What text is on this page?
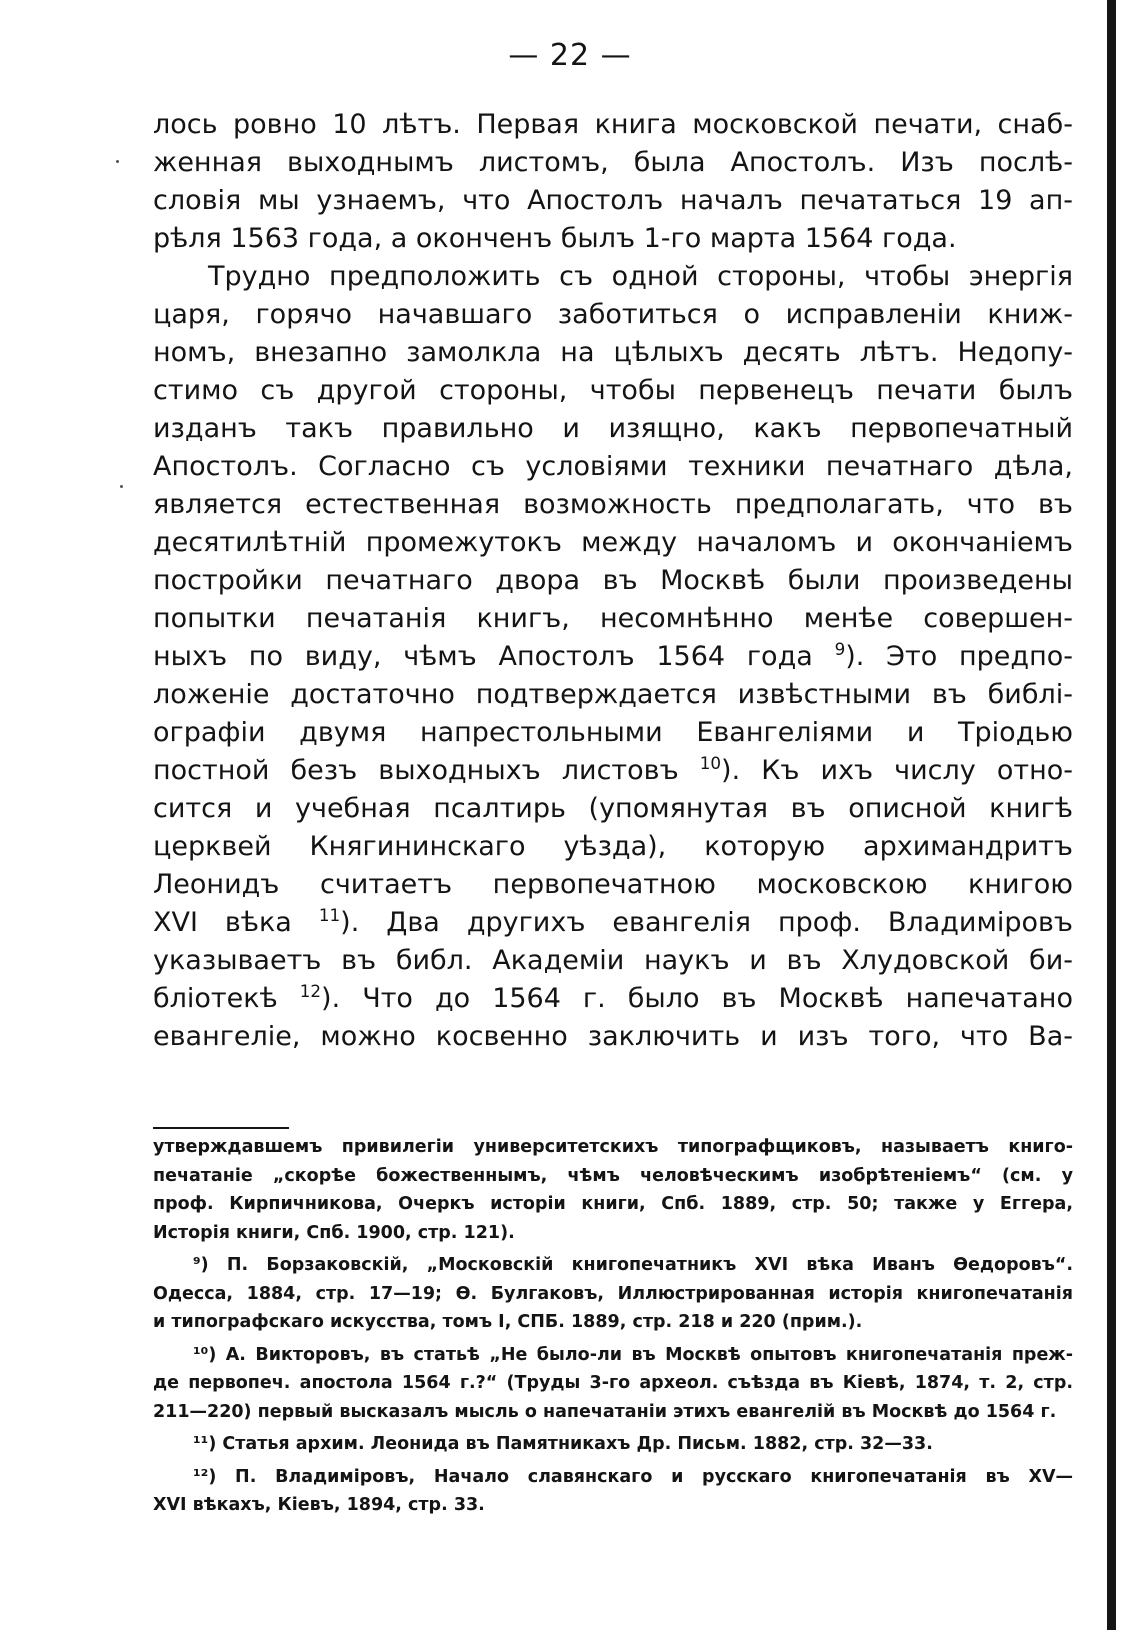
— 22 —
лось ровно 10 лѣтъ. Первая книга московской печати, снаб-
женная выходнымъ листомъ, была Апостолъ. Изъ послѣ-
словія мы узнаемъ, что Апостолъ началъ печататься 19 ап-
рѣля 1563 года, а оконченъ былъ 1-го марта 1564 года.
Трудно предположить съ одной стороны, чтобы энергія
царя, горячо начавшаго заботиться о исправленіи книж-
номъ, внезапно замолкла на цѣлыхъ десять лѣтъ. Недопу-
стимо съ другой стороны, чтобы первенецъ печати былъ
изданъ такъ правильно и изящно, какъ первопечатный
Апостолъ. Согласно съ условіями техники печатнаго дѣла,
является естественная возможность предполагать, что въ
десятилѣтній промежутокъ между началомъ и окончаніемъ
постройки печатнаго двора въ Москвѣ были произведены
попытки печатанія книгъ, несомнѣнно менѣе совершен-
ныхъ по виду, чѣмъ Апостолъ 1564 года $^9$). Это предпо-
ложеніе достаточно подтверждается извѣстными въ библі-
ографіи двумя напрестольными Евангеліями и Тріодью
постной безъ выходныхъ листовъ $^{10}$). Къ ихъ числу отно-
сится и учебная псалтирь (упомянутая въ описной книгѣ
церквей Княгининскаго уѣзда), которую архимандритъ
Леонидъ считаетъ первопечатною московскою книгою
XVI вѣка $^{11}$). Два другихъ евангелія проф. Владиміровъ
указываетъ въ библ. Академіи наукъ и въ Хлудовской би-
бліотекѣ $^{12}$). Что до 1564 г. было въ Москвѣ напечатано
евангеліе, можно косвенно заключить и изъ того, что Ва-
утверждавшемъ привилегіи университетскихъ типографщиковъ, называетъ книго-
печатаніе „скорѣе божественнымъ, чѣмъ человѣческимъ изобрѣтеніемъ“ (см. у
проф. Кирпичникова, Очеркъ исторіи книги, Спб. 1889, стр. 50; также у Еггера,
Исторія книги, Спб. 1900, стр. 121).
⁹) П. Борзаковскій, „Московскій книгопечатникъ XVI вѣка Иванъ Ѳедоровъ“.
Одесса, 1884, стр. 17—19; Ѳ. Булгаковъ, Иллюстрированная исторія книгопечатанія
и типографскаго искусства, томъ I, СПБ. 1889, стр. 218 и 220 (прим.).
¹⁰) А. Викторовъ, въ статьѣ „Не было-ли въ Москвѣ опытовъ книгопечатанія преж-
де первопеч. апостола 1564 г.?“ (Труды 3-го археол. съѣзда въ Кіевѣ, 1874, т. 2, стр.
211—220) первый высказалъ мысль о напечатаніи этихъ евангелій въ Москвѣ до 1564 г.
¹¹) Статья архим. Леонида въ Памятникахъ Др. Письм. 1882, стр. 32—33.
¹²) П. Владиміровъ, Начало славянскаго и русскаго книгопечатанія въ XV—
XVI вѣкахъ, Кіевъ, 1894, стр. 33.
